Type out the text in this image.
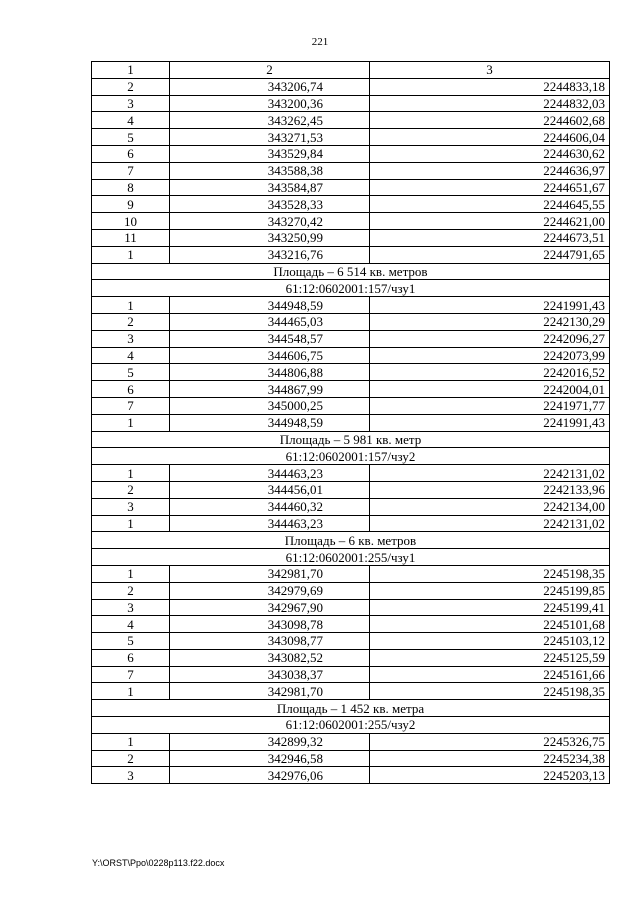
221
1	2	3
2	343206,74	2244833,18
3	343200,36	2244832,03
4	343262,45	2244602,68
5	343271,53	2244606,04
6	343529,84	2244630,62
7	343588,38	2244636,97
8	343584,87	2244651,67
9	343528,33	2244645,55
10	343270,42	2244621,00
11	343250,99	2244673,51
1	343216,76	2244791,65
Площадь – 6 514 кв. метров		
61:12:0602001:157/чзу1		
1	344948,59	2241991,43
2	344465,03	2242130,29
3	344548,57	2242096,27
4	344606,75	2242073,99
5	344806,88	2242016,52
6	344867,99	2242004,01
7	345000,25	2241971,77
1	344948,59	2241991,43
Площадь – 5 981 кв. метр		
61:12:0602001:157/чзу2		
1	344463,23	2242131,02
2	344456,01	2242133,96
3	344460,32	2242134,00
1	344463,23	2242131,02
Площадь – 6 кв. метров		
61:12:0602001:255/чзу1		
1	342981,70	2245198,35
2	342979,69	2245199,85
3	342967,90	2245199,41
4	343098,78	2245101,68
5	343098,77	2245103,12
6	343082,52	2245125,59
7	343038,37	2245161,66
1	342981,70	2245198,35
Площадь – 1 452 кв. метра		
61:12:0602001:255/чзу2		
1	342899,32	2245326,75
2	342946,58	2245234,38
3	342976,06	2245203,13
Y:\ORST\Ppo\0228p113.f22.docx
